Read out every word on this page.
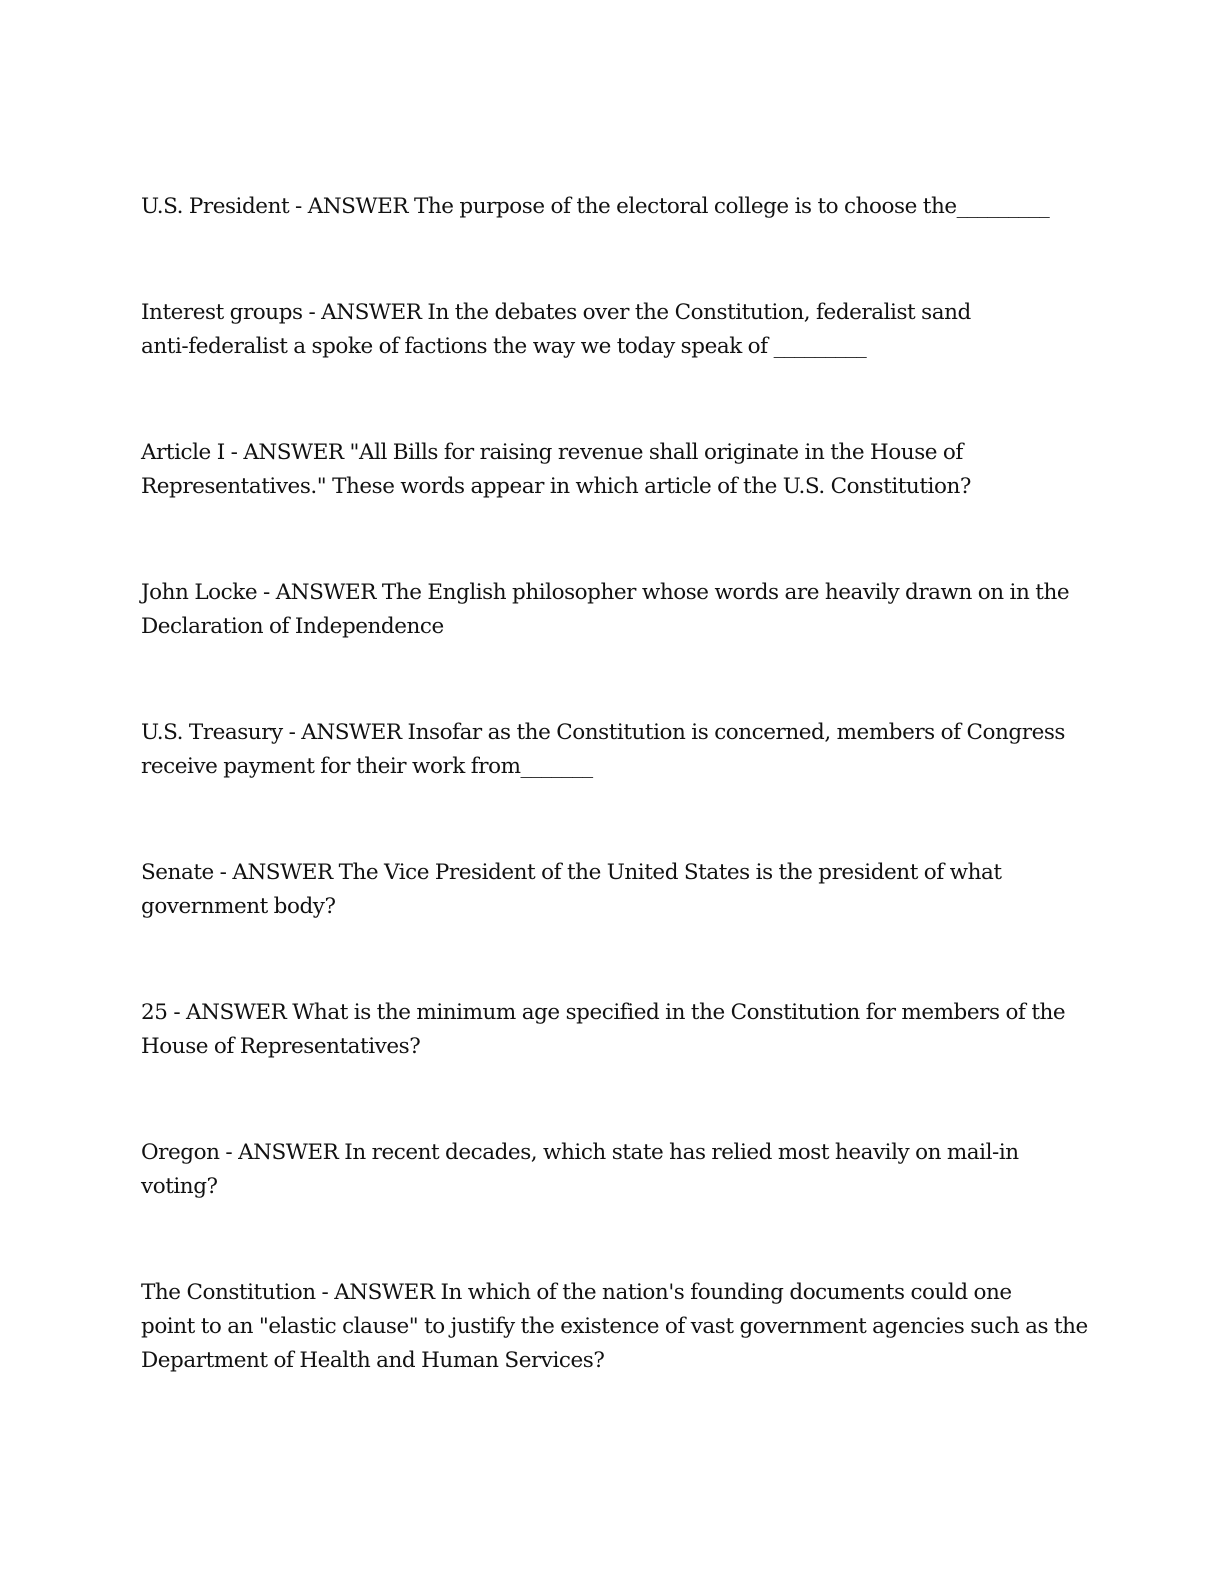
U.S. President - ANSWER The purpose of the electoral college is to choose the_________
Interest groups - ANSWER In the debates over the Constitution, federalist sand
anti-federalist a spoke of factions the way we today speak of _________
Article I - ANSWER "All Bills for raising revenue shall originate in the House of
Representatives." These words appear in which article of the U.S. Constitution?
John Locke - ANSWER The English philosopher whose words are heavily drawn on in the
Declaration of Independence
U.S. Treasury - ANSWER Insofar as the Constitution is concerned, members of Congress
receive payment for their work from_______
Senate - ANSWER The Vice President of the United States is the president of what
government body?
25 - ANSWER What is the minimum age specified in the Constitution for members of the
House of Representatives?
Oregon - ANSWER In recent decades, which state has relied most heavily on mail-in
voting?
The Constitution - ANSWER In which of the nation's founding documents could one
point to an "elastic clause" to justify the existence of vast government agencies such as the
Department of Health and Human Services?
